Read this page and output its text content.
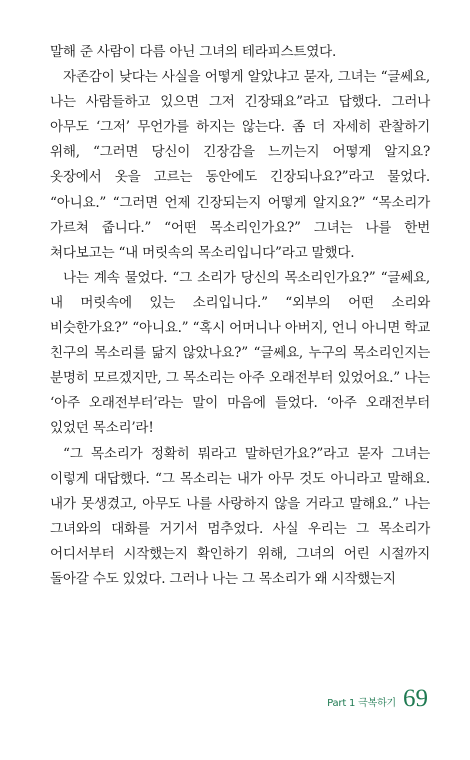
말해 준 사람이 다름 아닌 그녀의 테라피스트였다.

자존감이 낮다는 사실을 어떻게 알았냐고 묻자, 그녀는 “글쎄요, 나는 사람들하고 있으면 그저 긴장돼요”라고 답했다. 그러나 아무도 ‘그저’ 무언가를 하지는 않는다. 좀 더 자세히 관찰하기 위해, “그러면 당신이 긴장감을 느끼는지 어떻게 알지요? 옷장에서 옷을 고르는 동안에도 긴장되나요?”라고 물었다. “아니요.” “그러면 언제 긴장되는지 어떻게 알지요?” “목소리가 가르쳐 줍니다.” “어떤 목소리인가요?” 그녀는 나를 한번 쳐다보고는 “내 머릿속의 목소리입니다”라고 말했다.

나는 계속 물었다. “그 소리가 당신의 목소리인가요?” “글쎄요, 내 머릿속에 있는 소리입니다.” “외부의 어떤 소리와 비슷한가요?” “아니요.” “혹시 어머니나 아버지, 언니 아니면 학교 친구의 목소리를 닮지 않았나요?” “글쎄요, 누구의 목소리인지는 분명히 모르겠지만, 그 목소리는 아주 오래전부터 있었어요.” 나는 ‘아주 오래전부터’라는 말이 마음에 들었다. ‘아주 오래전부터 있었던 목소리’라!

“그 목소리가 정확히 뭐라고 말하던가요?”라고 묻자 그녀는 이렇게 대답했다. “그 목소리는 내가 아무 것도 아니라고 말해요. 내가 못생겼고, 아무도 나를 사랑하지 않을 거라고 말해요.” 나는 그녀와의 대화를 거기서 멈추었다. 사실 우리는 그 목소리가 어디서부터 시작했는지 확인하기 위해, 그녀의 어린 시절까지 돌아갈 수도 있었다. 그러나 나는 그 목소리가 왜 시작했는지

Part 1 극복하기 69
